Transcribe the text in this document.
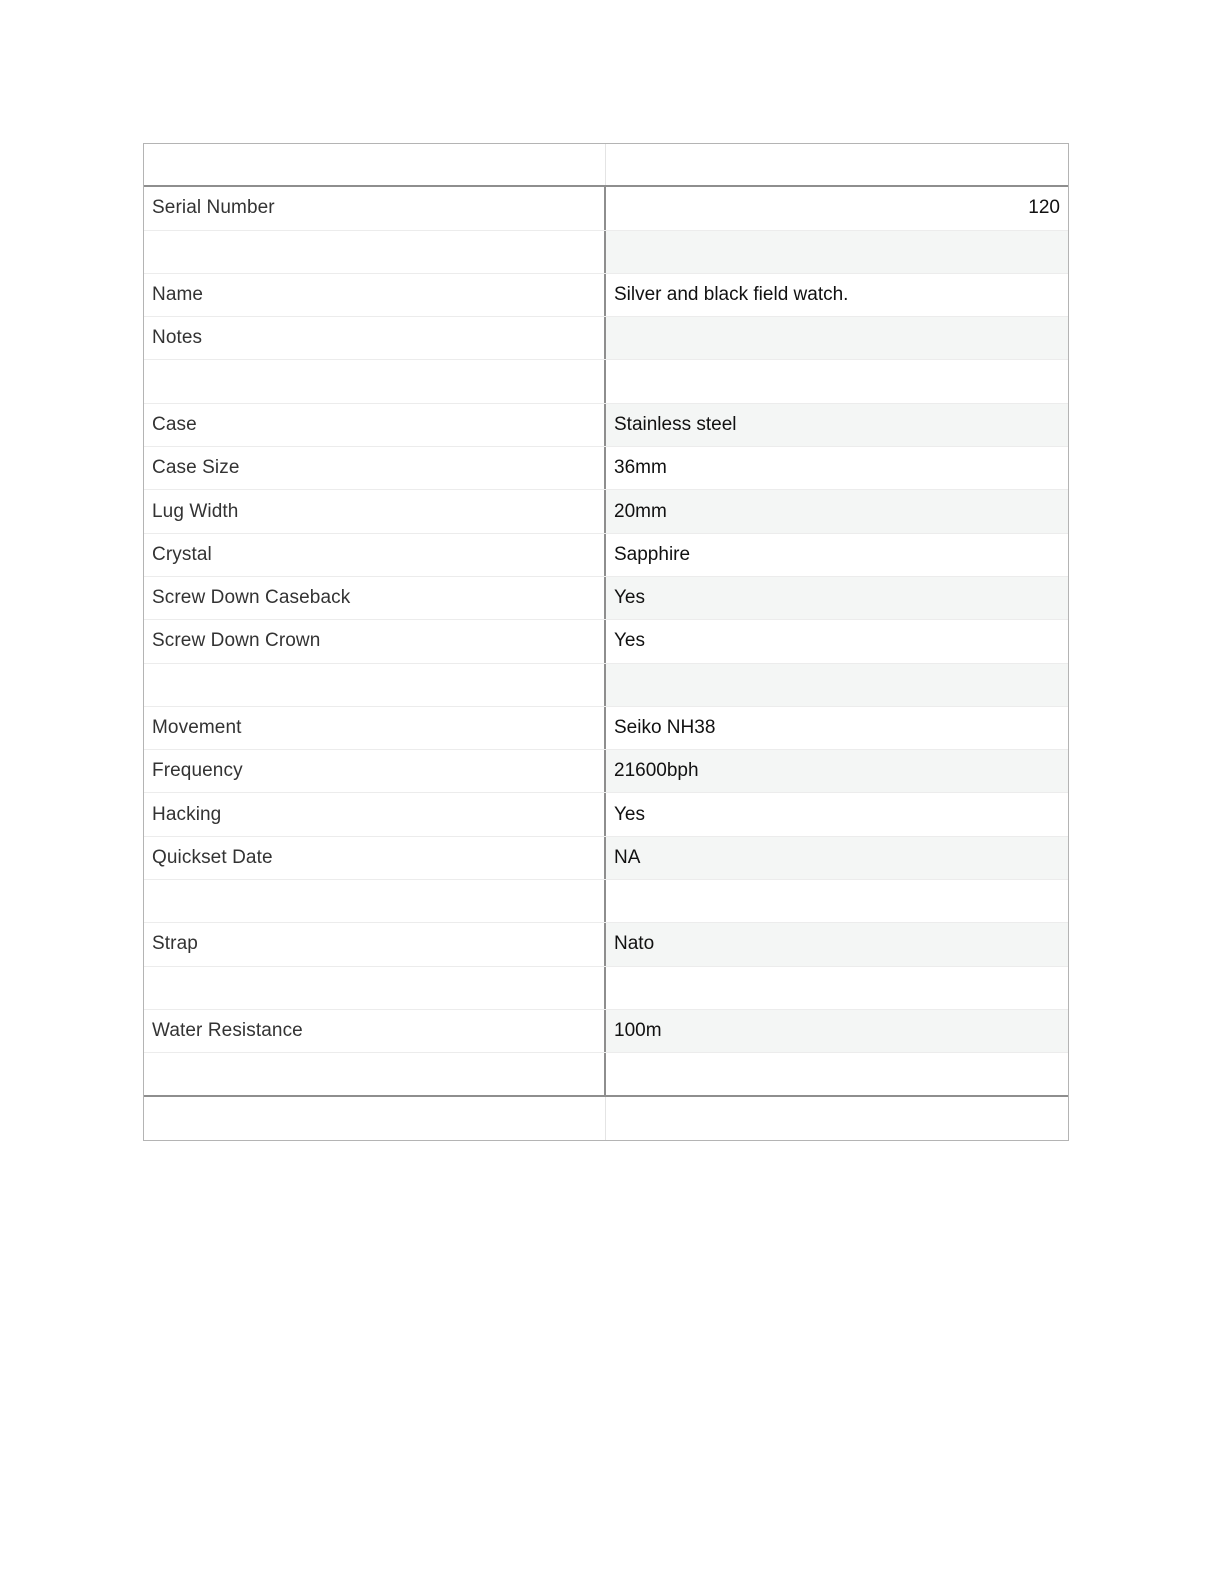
Serial Number	120
Name	Silver and black field watch.
Notes
Case	Stainless steel
Case Size	36mm
Lug Width	20mm
Crystal	Sapphire
Screw Down Caseback	Yes
Screw Down Crown	Yes
Movement	Seiko NH38
Frequency	21600bph
Hacking	Yes
Quickset Date	NA
Strap	Nato
Water Resistance	100m
